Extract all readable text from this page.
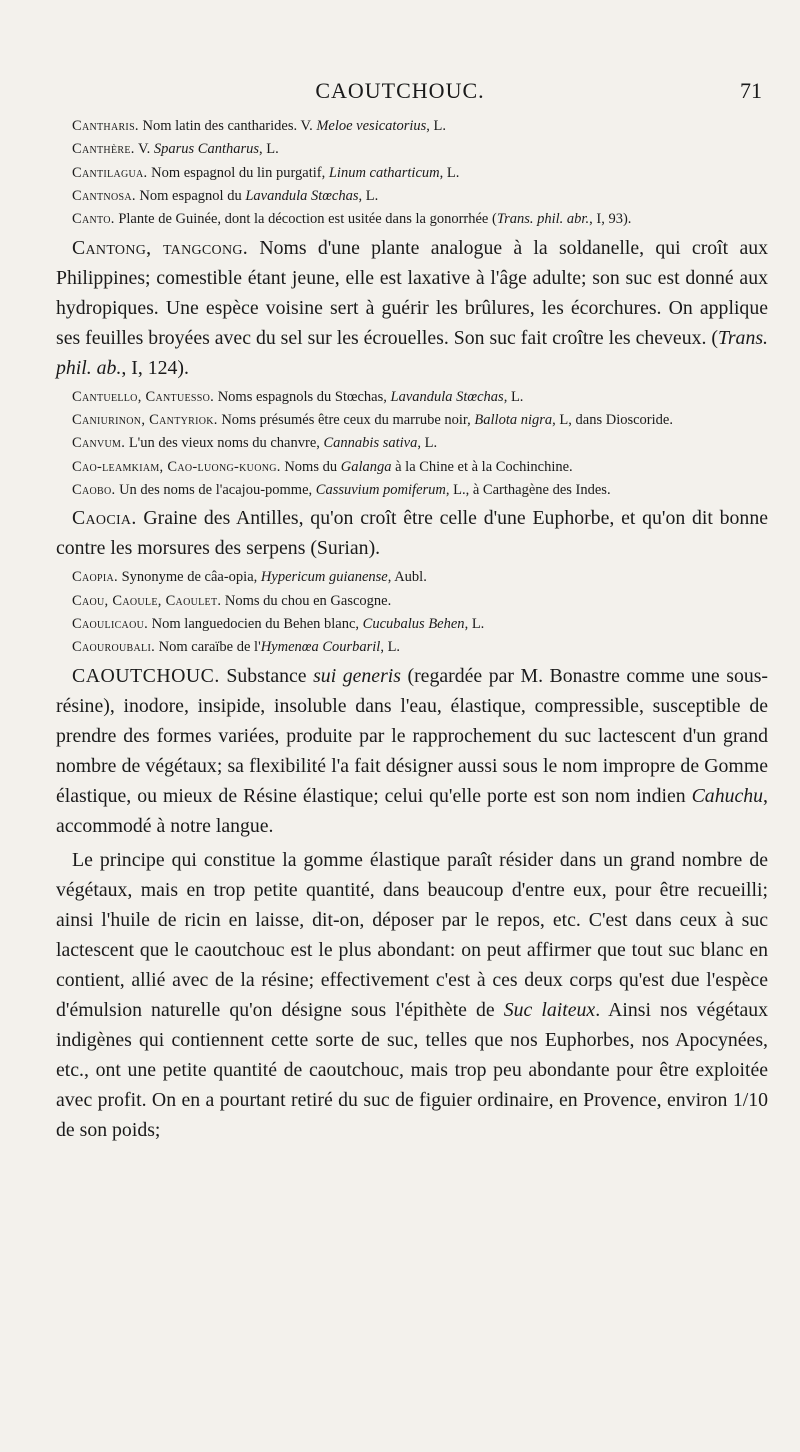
CAOUTCHOUC.	71

Cantharis. Nom latin des cantharides. V. Meloe vesicatorius, L.

Canthère. V. Sparus Cantharus, L.

Cantilagua. Nom espagnol du lin purgatif, Linum catharticum, L.

Cantnosa. Nom espagnol du Lavandula Stœchas, L.

Canto. Plante de Guinée, dont la décoction est usitée dans la gonorrhée (Trans. phil. abr., I, 93).

Cantong, tangcong. Noms d'une plante analogue à la soldanelle, qui croît aux Philippines; comestible étant jeune, elle est laxative à l'âge adulte; son suc est donné aux hydropiques. Une espèce voisine sert à guérir les brûlures, les écorchures. On applique ses feuilles broyées avec du sel sur les écrouelles. Son suc fait croître les cheveux. (Trans. phil. ab., I, 124).

Cantuello, Cantuesso. Noms espagnols du Stœchas, Lavandula Stœchas, L.

Caniurinon, Cantyriok. Noms présumés être ceux du marrube noir, Ballota nigra, L, dans Dioscoride.

Canvum. L'un des vieux noms du chanvre, Cannabis sativa, L.

Cao-leamkiam, Cao-luong-kuong. Noms du Galanga à la Chine et à la Cochinchine.

Caobo. Un des noms de l'acajou-pomme, Cassuvium pomiferum, L., à Carthagène des Indes.

Caocia. Graine des Antilles, qu'on croît être celle d'une Euphorbe, et qu'on dit bonne contre les morsures des serpens (Surian).

Caopia. Synonyme de câa-opia, Hypericum guianense, Aubl.

Caou, Caoule, Caoulet. Noms du chou en Gascogne.

Caoulicaou. Nom languedocien du Behen blanc, Cucubalus Behen, L.

Caouroubali. Nom caraïbe de l'Hymenœa Courbaril, L.

CAOUTCHOUC. Substance sui generis (regardée par M. Bonastre comme une sous-résine), inodore, insipide, insoluble dans l'eau, élastique, compressible, susceptible de prendre des formes variées, produite par le rapprochement du suc lactescent d'un grand nombre de végétaux; sa flexibilité l'a fait désigner aussi sous le nom impropre de Gomme élastique, ou mieux de Résine élastique; celui qu'elle porte est son nom indien Cahuchu, accommodé à notre langue.

Le principe qui constitue la gomme élastique paraît résider dans un grand nombre de végétaux, mais en trop petite quantité, dans beaucoup d'entre eux, pour être recueilli; ainsi l'huile de ricin en laisse, dit-on, déposer par le repos, etc. C'est dans ceux à suc lactescent que le caoutchouc est le plus abondant: on peut affirmer que tout suc blanc en contient, allié avec de la résine; effectivement c'est à ces deux corps qu'est due l'espèce d'émulsion naturelle qu'on désigne sous l'épithète de Suc laiteux. Ainsi nos végétaux indigènes qui contiennent cette sorte de suc, telles que nos Euphorbes, nos Apocynées, etc., ont une petite quantité de caoutchouc, mais trop peu abondante pour être exploitée avec profit. On en a pourtant retiré du suc de figuier ordinaire, en Provence, environ 1/10 de son poids;
